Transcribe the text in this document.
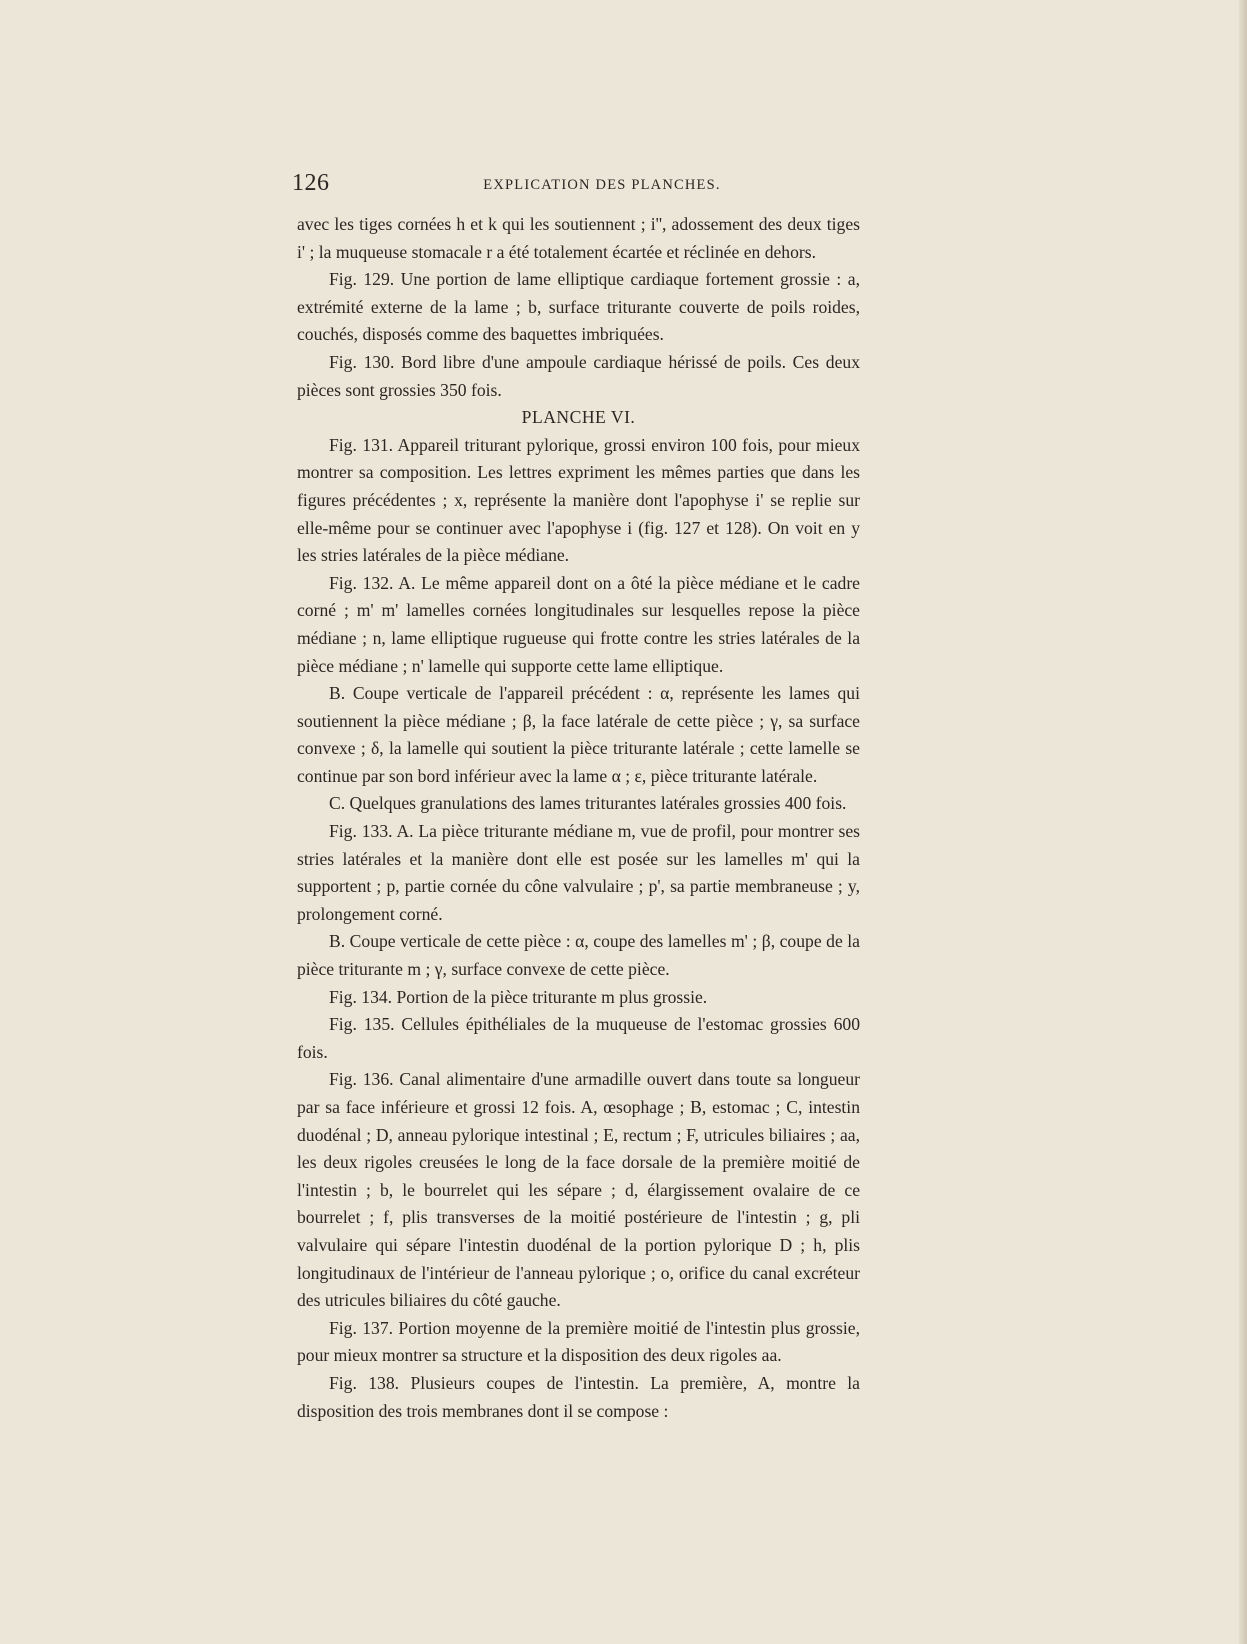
126	EXPLICATION DES PLANCHES.

avec les tiges cornées h et k qui les soutiennent ; i'', adossement des deux tiges i' ; la muqueuse stomacale r a été totalement écartée et réclinée en dehors.

Fig. 129. Une portion de lame elliptique cardiaque fortement grossie : a, extrémité externe de la lame ; b, surface triturante couverte de poils roides, couchés, disposés comme des baquettes imbriquées.

Fig. 130. Bord libre d'une ampoule cardiaque hérissé de poils. Ces deux pièces sont grossies 350 fois.

PLANCHE VI.

Fig. 131. Appareil triturant pylorique, grossi environ 100 fois, pour mieux montrer sa composition. Les lettres expriment les mêmes parties que dans les figures précédentes ; x, représente la manière dont l'apophyse i' se replie sur elle-même pour se continuer avec l'apophyse i (fig. 127 et 128). On voit en y les stries latérales de la pièce médiane.

Fig. 132. A. Le même appareil dont on a ôté la pièce médiane et le cadre corné ; m' m' lamelles cornées longitudinales sur lesquelles repose la pièce médiane ; n, lame elliptique rugueuse qui frotte contre les stries latérales de la pièce médiane ; n' lamelle qui supporte cette lame elliptique.

B. Coupe verticale de l'appareil précédent : α, représente les lames qui soutiennent la pièce médiane ; β, la face latérale de cette pièce ; γ, sa surface convexe ; δ, la lamelle qui soutient la pièce triturante latérale ; cette lamelle se continue par son bord inférieur avec la lame α ; ε, pièce triturante latérale.

C. Quelques granulations des lames triturantes latérales grossies 400 fois.

Fig. 133. A. La pièce triturante médiane m, vue de profil, pour montrer ses stries latérales et la manière dont elle est posée sur les lamelles m' qui la supportent ; p, partie cornée du cône valvulaire ; p', sa partie membraneuse ; y, prolongement corné.

B. Coupe verticale de cette pièce : α, coupe des lamelles m' ; β, coupe de la pièce triturante m ; γ, surface convexe de cette pièce.

Fig. 134. Portion de la pièce triturante m plus grossie.

Fig. 135. Cellules épithéliales de la muqueuse de l'estomac grossies 600 fois.

Fig. 136. Canal alimentaire d'une armadille ouvert dans toute sa longueur par sa face inférieure et grossi 12 fois. A, œsophage ; B, estomac ; C, intestin duodénal ; D, anneau pylorique intestinal ; E, rectum ; F, utricules biliaires ; aa, les deux rigoles creusées le long de la face dorsale de la première moitié de l'intestin ; b, le bourrelet qui les sépare ; d, élargissement ovalaire de ce bourrelet ; f, plis transverses de la moitié postérieure de l'intestin ; g, pli valvulaire qui sépare l'intestin duodénal de la portion pylorique D ; h, plis longitudinaux de l'intérieur de l'anneau pylorique ; o, orifice du canal excréteur des utricules biliaires du côté gauche.

Fig. 137. Portion moyenne de la première moitié de l'intestin plus grossie, pour mieux montrer sa structure et la disposition des deux rigoles aa.

Fig. 138. Plusieurs coupes de l'intestin. La première, A, montre la disposition des trois membranes dont il se compose :
